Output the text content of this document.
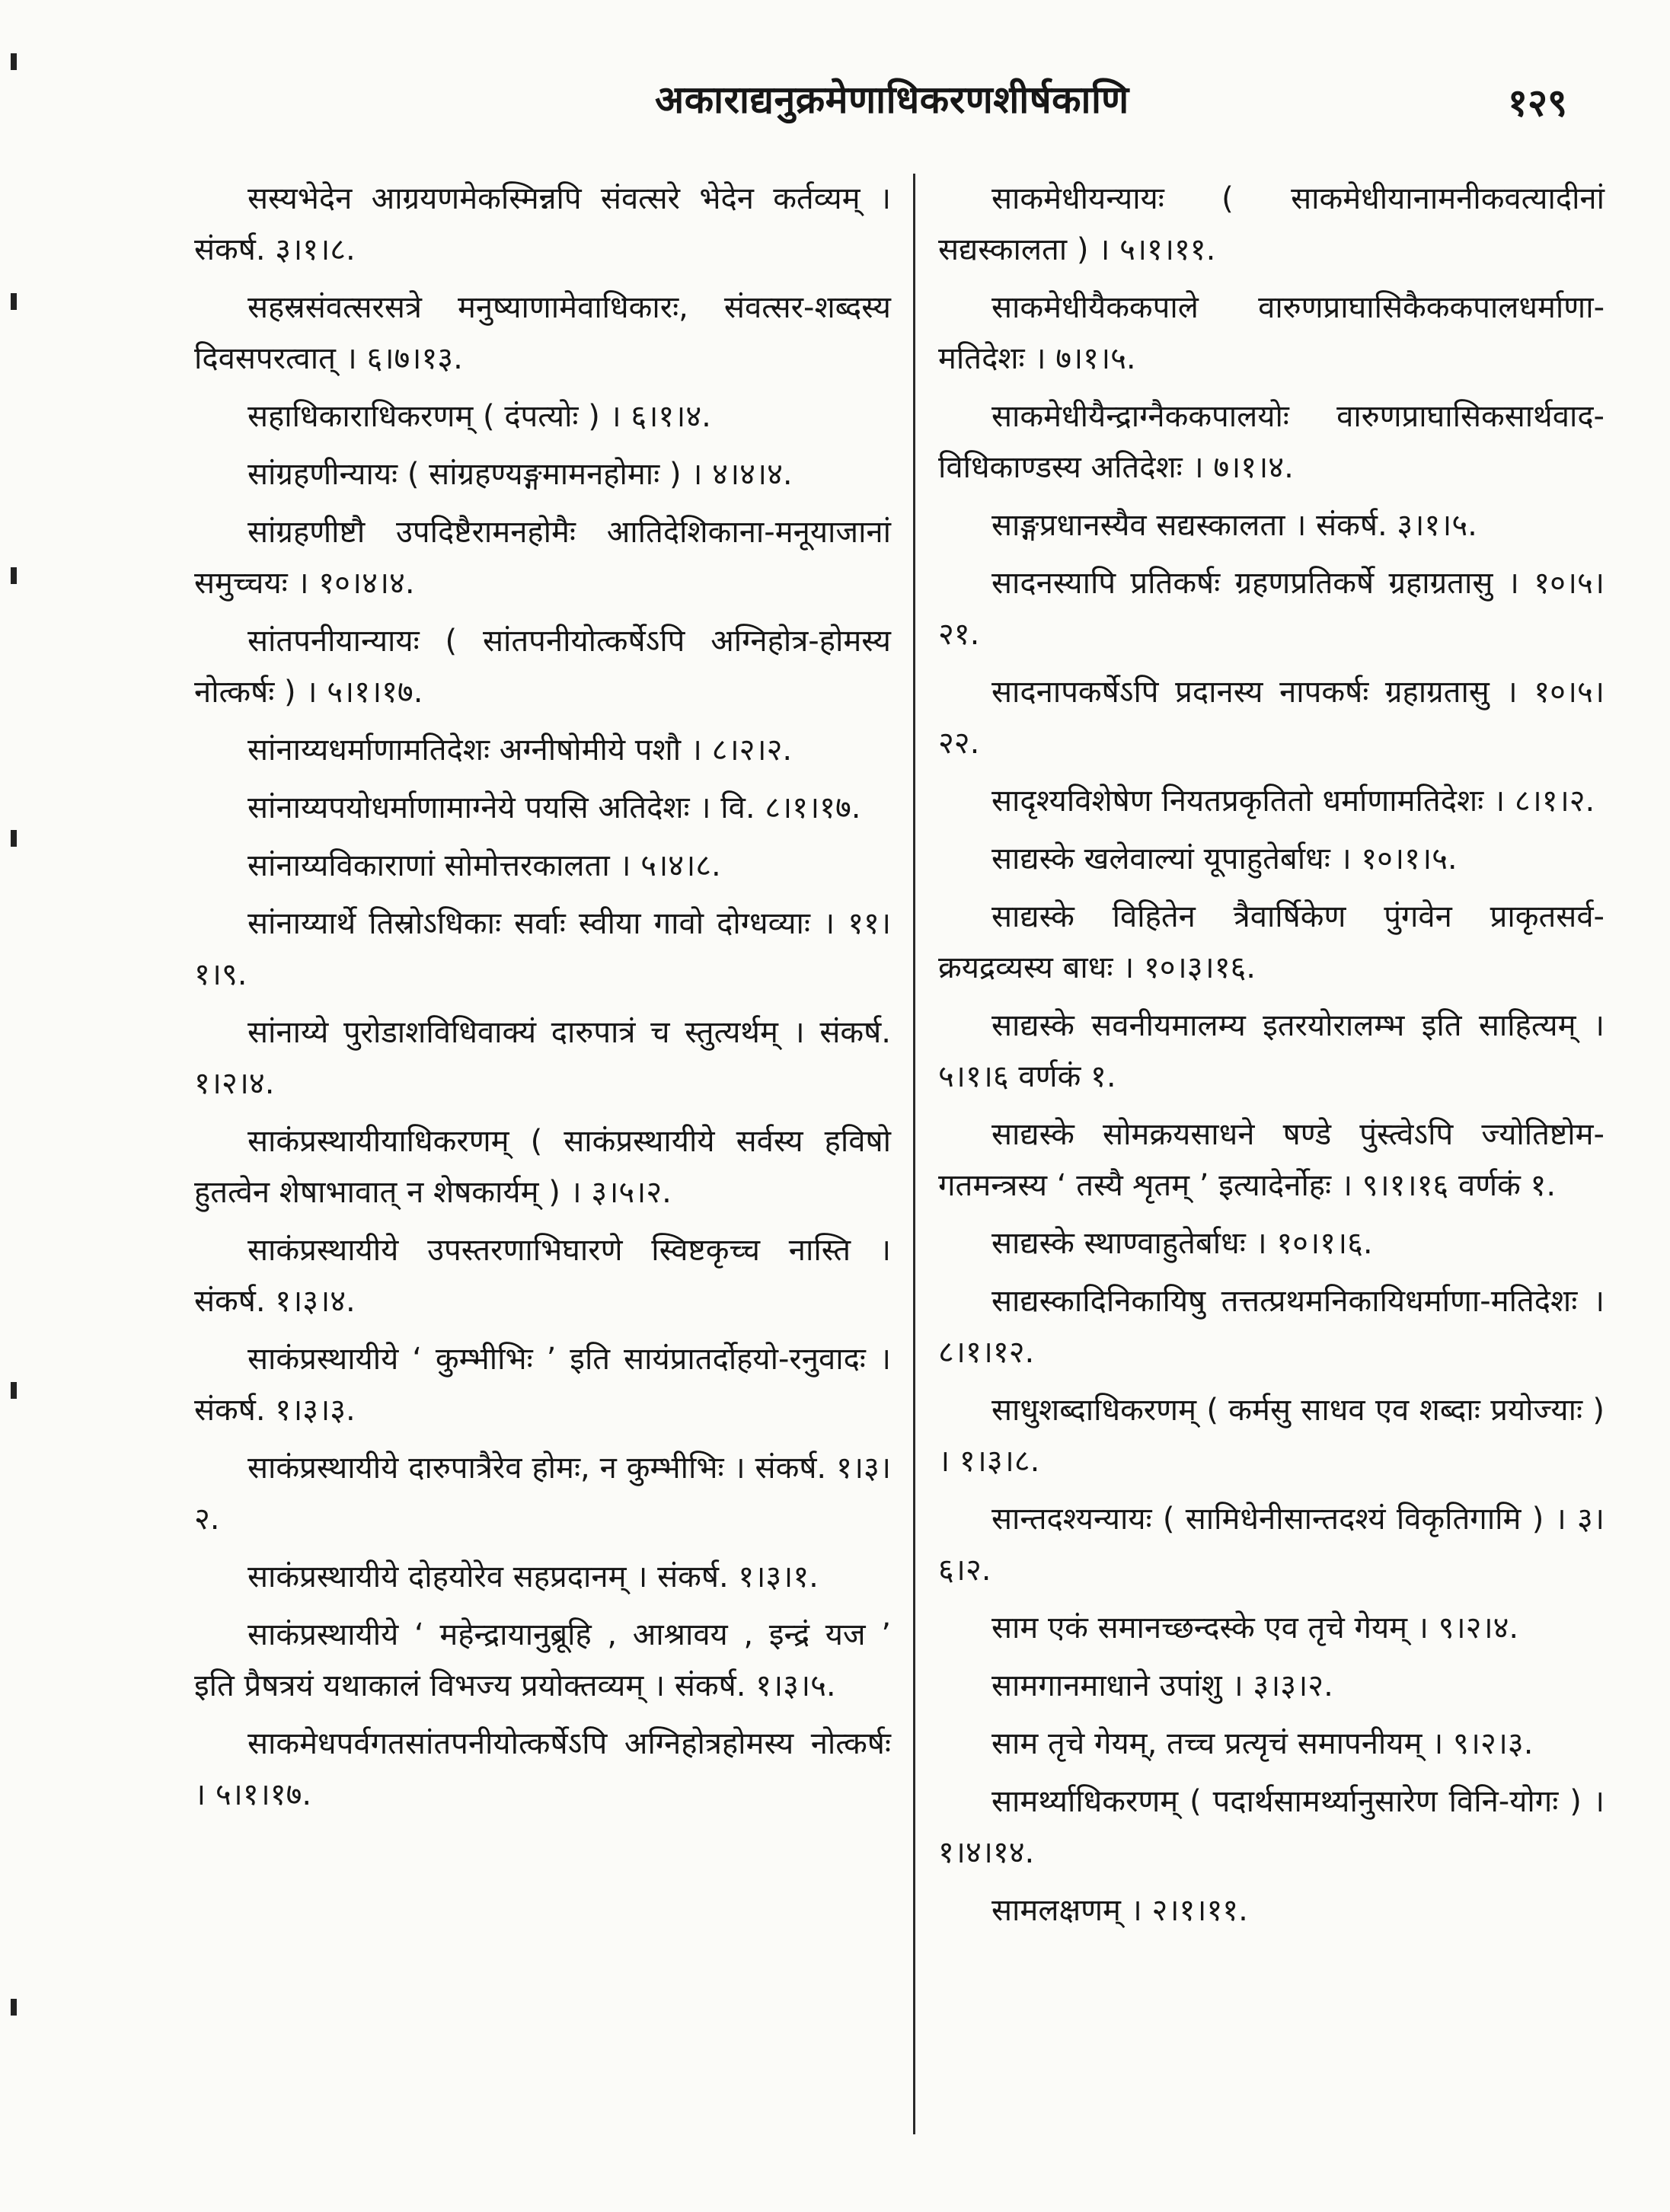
अकाराद्यनुक्रमेणाधिकरणशीर्षकाणि	१२९

सस्यभेदेन आग्रयणमेकस्मिन्नपि संवत्सरे भेदेन कर्तव्यम् । संकर्ष. ३।१।८.

सहस्रसंवत्सरसत्रे मनुष्याणामेवाधिकारः, संवत्सर-शब्दस्य दिवसपरत्वात् । ६।७।१३.

सहाधिकाराधिकरणम् ( दंपत्योः ) । ६।१।४.

सांग्रहणीन्यायः ( सांग्रहण्यङ्गमामनहोमाः ) । ४।४।४.

सांग्रहणीष्टौ उपदिष्टैरामनहोमैः आतिदेशिकाना-मनूयाजानां समुच्चयः । १०।४।४.

सांतपनीयान्यायः ( सांतपनीयोत्कर्षेऽपि अग्निहोत्र-होमस्य नोत्कर्षः ) । ५।१।१७.

सांनाय्यधर्माणामतिदेशः अग्नीषोमीये पशौ । ८।२।२.

सांनाय्यपयोधर्माणामाग्नेये पयसि अतिदेशः । वि. ८।१।१७.

सांनाय्यविकाराणां सोमोत्तरकालता । ५।४।८.

सांनाय्यार्थे तिस्रोऽधिकाः सर्वाः स्वीया गावो दोग्धव्याः । ११।१।९.

सांनाय्ये पुरोडाशविधिवाक्यं दारुपात्रं च स्तुत्यर्थम् । संकर्ष. १।२।४.

साकंप्रस्थायीयाधिकरणम् ( साकंप्रस्थायीये सर्वस्य हविषो हुतत्वेन शेषाभावात् न शेषकार्यम् ) । ३।५।२.

साकंप्रस्थायीये उपस्तरणाभिघारणे स्विष्टकृच्च नास्ति । संकर्ष. १।३।४.

साकंप्रस्थायीये ‘ कुम्भीभिः ’ इति सायंप्रातर्दोहयो-रनुवादः । संकर्ष. १।३।३.

साकंप्रस्थायीये दारुपात्रैरेव होमः, न कुम्भीभिः । संकर्ष. १।३।२.

साकंप्रस्थायीये दोहयोरेव सहप्रदानम् । संकर्ष. १।३।१.

साकंप्रस्थायीये ‘ महेन्द्रायानुब्रूहि , आश्रावय , इन्द्रं यज ’ इति प्रैषत्रयं यथाकालं विभज्य प्रयोक्तव्यम् । संकर्ष. १।३।५.

साकमेधपर्वगतसांतपनीयोत्कर्षेऽपि अग्निहोत्रहोमस्य नोत्कर्षः । ५।१।१७.

साकमेधीयन्यायः ( साकमेधीयानामनीकवत्यादीनां सद्यस्कालता ) । ५।१।११.

साकमेधीयैककपाले वारुणप्राघासिकैककपालधर्माणा-मतिदेशः । ७।१।५.

साकमेधीयैन्द्राग्नैककपालयोः वारुणप्राघासिकसार्थवाद-विधिकाण्डस्य अतिदेशः । ७।१।४.

साङ्गप्रधानस्यैव सद्यस्कालता । संकर्ष. ३।१।५.

सादनस्यापि प्रतिकर्षः ग्रहणप्रतिकर्षे ग्रहाग्रतासु । १०।५।२१.

सादनापकर्षेऽपि प्रदानस्य नापकर्षः ग्रहाग्रतासु । १०।५।२२.

सादृश्यविशेषेण नियतप्रकृतितो धर्माणामतिदेशः । ८।१।२.

साद्यस्के खलेवाल्यां यूपाहुतेर्बाधः । १०।१।५.

साद्यस्के विहितेन त्रैवार्षिकेण पुंगवेन प्राकृतसर्व-क्रयद्रव्यस्य बाधः । १०।३।१६.

साद्यस्के सवनीयमालम्य इतरयोरालम्भ इति साहित्यम् । ५।१।६ वर्णकं १.

साद्यस्के सोमक्रयसाधने षण्डे पुंस्त्वेऽपि ज्योतिष्टोम-गतमन्त्रस्य ‘ तस्यै शृतम् ’ इत्यादेर्नोहः । ९।१।१६ वर्णकं १.

साद्यस्के स्थाण्वाहुतेर्बाधः । १०।१।६.

साद्यस्कादिनिकायिषु तत्तत्प्रथमनिकायिधर्माणा-मतिदेशः । ८।१।१२.

साधुशब्दाधिकरणम् ( कर्मसु साधव एव शब्दाः प्रयोज्याः ) । १।३।८.

सान्तदश्यन्यायः ( सामिधेनीसान्तदश्यं विकृतिगामि ) । ३।६।२.

साम एकं समानच्छन्दस्के एव तृचे गेयम् । ९।२।४.

सामगानमाधाने उपांशु । ३।३।२.

साम तृचे गेयम्, तच्च प्रत्यृचं समापनीयम् । ९।२।३.

सामर्थ्याधिकरणम् ( पदार्थसामर्थ्यानुसारेण विनि-योगः ) । १।४।१४.

सामलक्षणम् । २।१।११.
